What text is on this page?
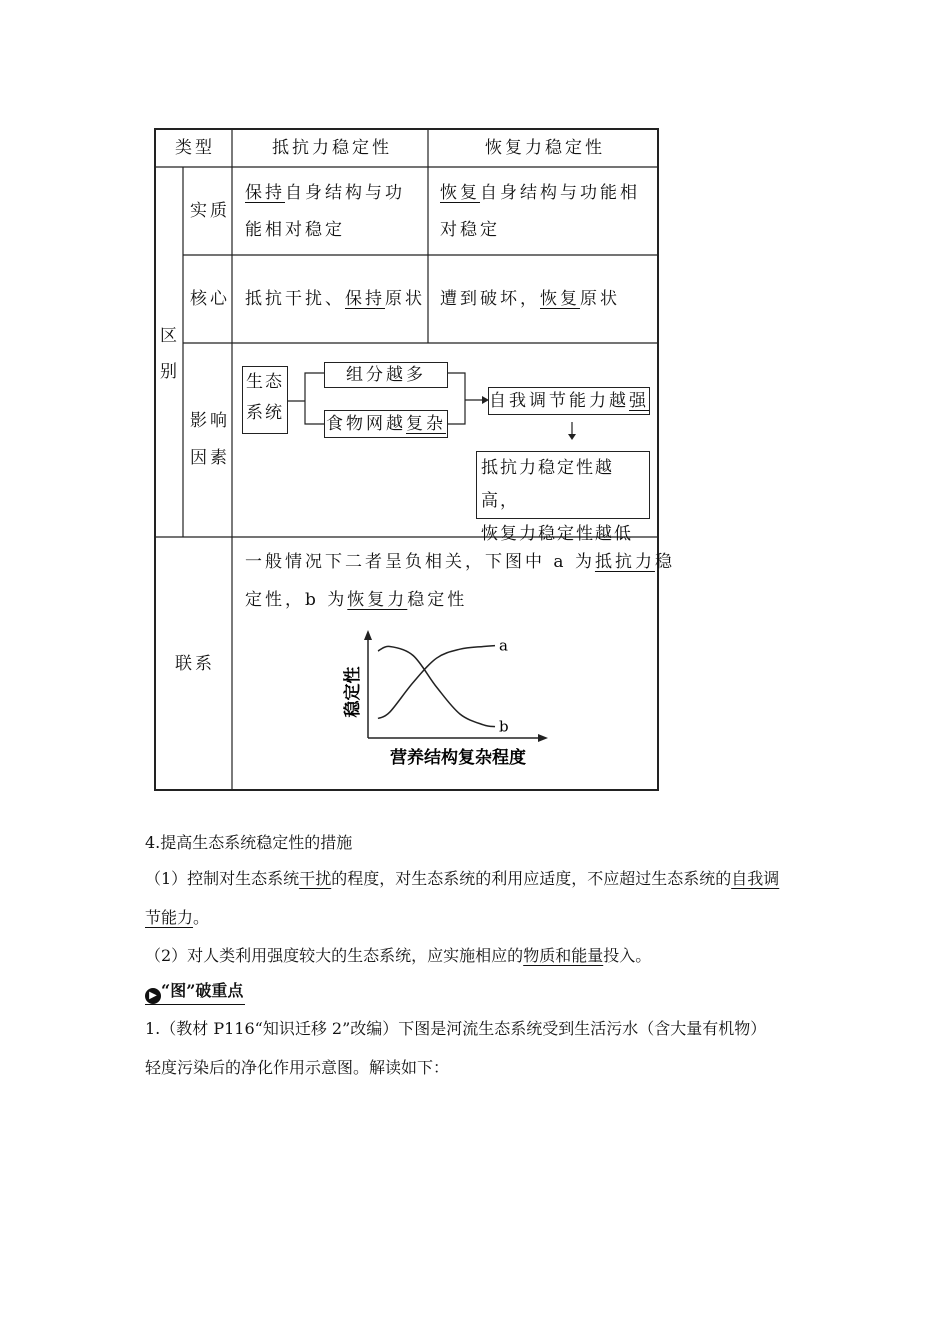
类型	抵抗力稳定性	恢复力稳定性
区别
实质
保持自身结构与功
能相对稳定
恢复自身结构与功能相
对稳定
核心 抵抗干扰、保持原状 遭到破坏，恢复原状
影响
因素
生态
系统
组分越多
食物网越复杂
自我调节能力越强
抵抗力稳定性越高，
恢复力稳定性越低
联系
一般情况下二者呈负相关，下图中 a 为抵抗力稳
定性，b 为恢复力稳定性
稳定性
营养结构复杂程度
a
b
4.提高生态系统稳定性的措施
（1）控制对生态系统干扰的程度，对生态系统的利用应适度，不应超过生态系统的自我调
节能力。
（2）对人类利用强度较大的生态系统，应实施相应的物质和能量投入。
▶ “图”破重点
1.（教材 P116“知识迁移 2”改编）下图是河流生态系统受到生活污水（含大量有机物）
轻度污染后的净化作用示意图。解读如下：
